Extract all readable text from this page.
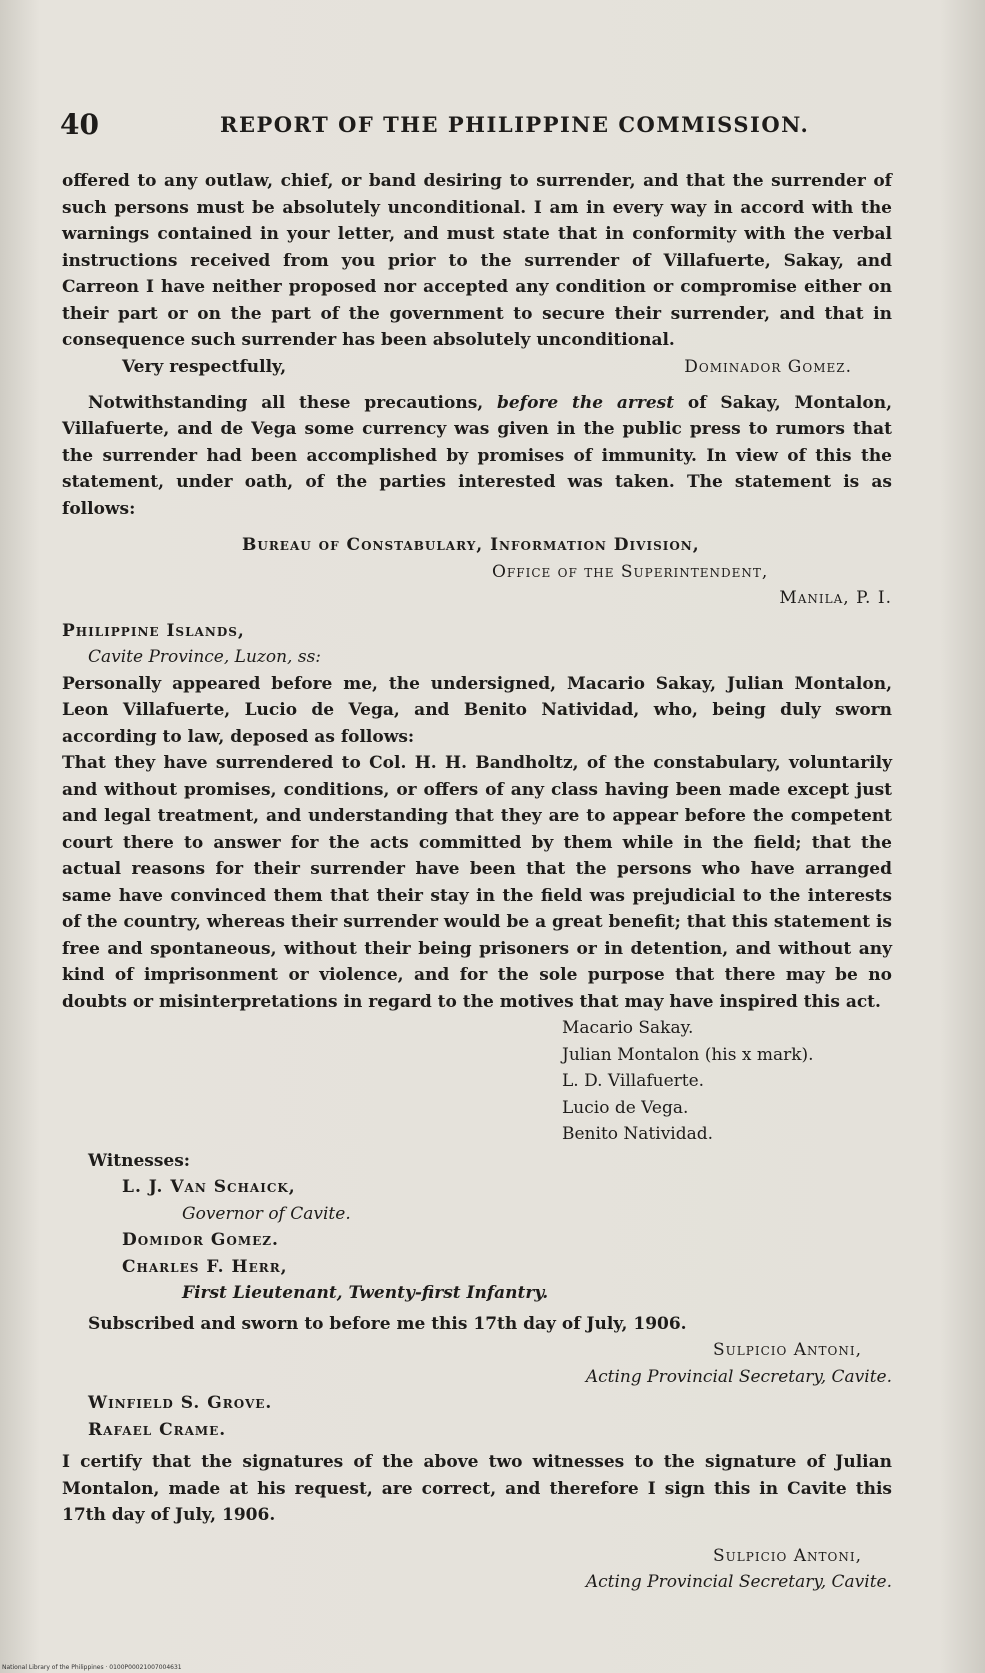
40	REPORT OF THE PHILIPPINE COMMISSION.

offered to any outlaw, chief, or band desiring to surrender, and that the surrender of such persons must be absolutely unconditional. I am in every way in accord with the warnings contained in your letter, and must state that in conformity with the verbal instructions received from you prior to the surrender of Villafuerte, Sakay, and Carreon I have neither proposed nor accepted any condition or compromise either on their part or on the part of the government to secure their surrender, and that in consequence such surrender has been absolutely unconditional.

Very respectfully,	Dominador Gomez.

Notwithstanding all these precautions, before the arrest of Sakay, Montalon, Villafuerte, and de Vega some currency was given in the public press to rumors that the surrender had been accomplished by promises of immunity. In view of this the statement, under oath, of the parties interested was taken. The statement is as follows:

Bureau of Constabulary, Information Division,
Office of the Superintendent,
Manila, P. I.
Philippine Islands,
Cavite Province, Luzon, ss:

Personally appeared before me, the undersigned, Macario Sakay, Julian Montalon, Leon Villafuerte, Lucio de Vega, and Benito Natividad, who, being duly sworn according to law, deposed as follows:

That they have surrendered to Col. H. H. Bandholtz, of the constabulary, voluntarily and without promises, conditions, or offers of any class having been made except just and legal treatment, and understanding that they are to appear before the competent court there to answer for the acts committed by them while in the field; that the actual reasons for their surrender have been that the persons who have arranged same have convinced them that their stay in the field was prejudicial to the interests of the country, whereas their surrender would be a great benefit; that this statement is free and spontaneous, without their being prisoners or in detention, and without any kind of imprisonment or violence, and for the sole purpose that there may be no doubts or misinterpretations in regard to the motives that may have inspired this act.

Macario Sakay.
Julian Montalon (his x mark).
L. D. Villafuerte.
Lucio de Vega.
Benito Natividad.
Witnesses:
L. J. Van Schaick,
Governor of Cavite.
Domidor Gomez.
Charles F. Herr,
First Lieutenant, Twenty-first Infantry.

Subscribed and sworn to before me this 17th day of July, 1906.

Sulpicio Antoni,
Acting Provincial Secretary, Cavite.
Winfield S. Grove.
Rafael Crame.

I certify that the signatures of the above two witnesses to the signature of Julian Montalon, made at his request, are correct, and therefore I sign this in Cavite this 17th day of July, 1906.

Sulpicio Antoni,
Acting Provincial Secretary, Cavite.
National Library of the Philippines · 0100P00021007004631
